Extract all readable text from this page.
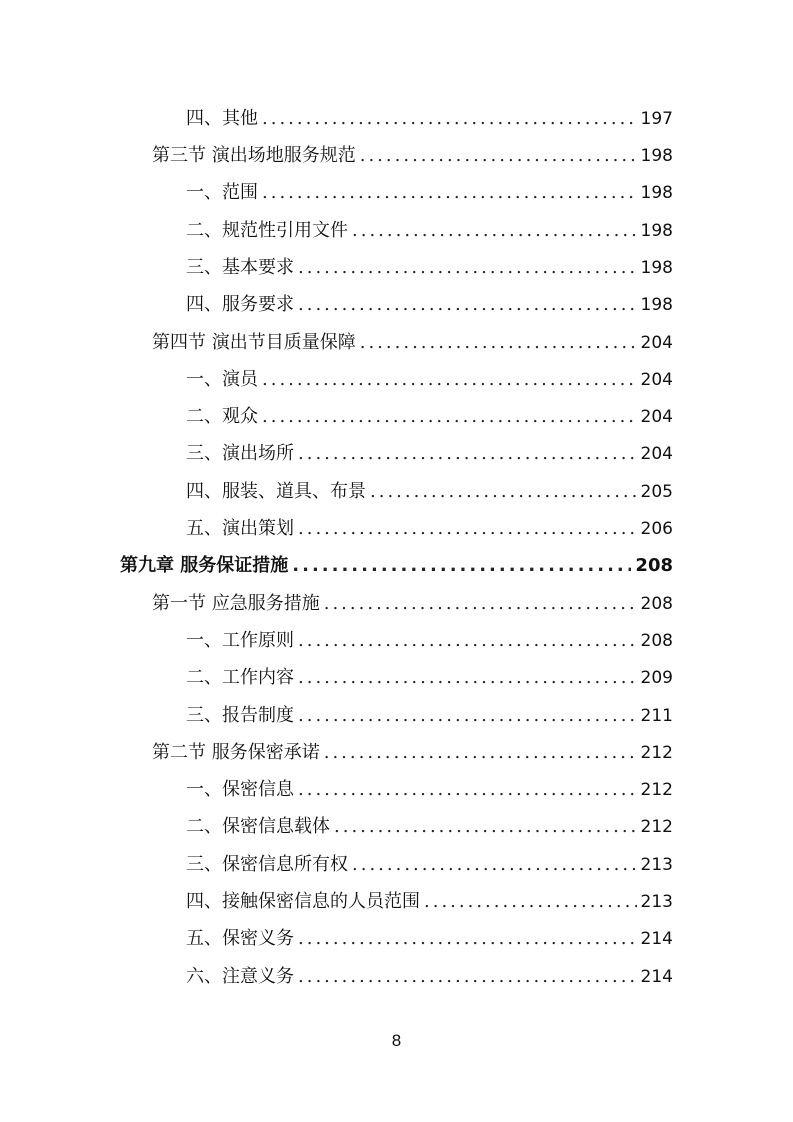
四、其他 .....	197
第三节 演出场地服务规范 .....	198
一、范围 .....	198
二、规范性引用文件 .....	198
三、基本要求 .....	198
四、服务要求 .....	198
第四节 演出节目质量保障 .....	204
一、演员 .....	204
二、观众 .....	204
三、演出场所 .....	204
四、服装、道具、布景 .....	205
五、演出策划 .....	206
第九章 服务保证措施 .....	208
第一节 应急服务措施 .....	208
一、工作原则 .....	208
二、工作内容 .....	209
三、报告制度 .....	211
第二节 服务保密承诺 .....	212
一、保密信息 .....	212
二、保密信息载体 .....	212
三、保密信息所有权 .....	213
四、接触保密信息的人员范围 .....	213
五、保密义务 .....	214
六、注意义务 .....	214
8
